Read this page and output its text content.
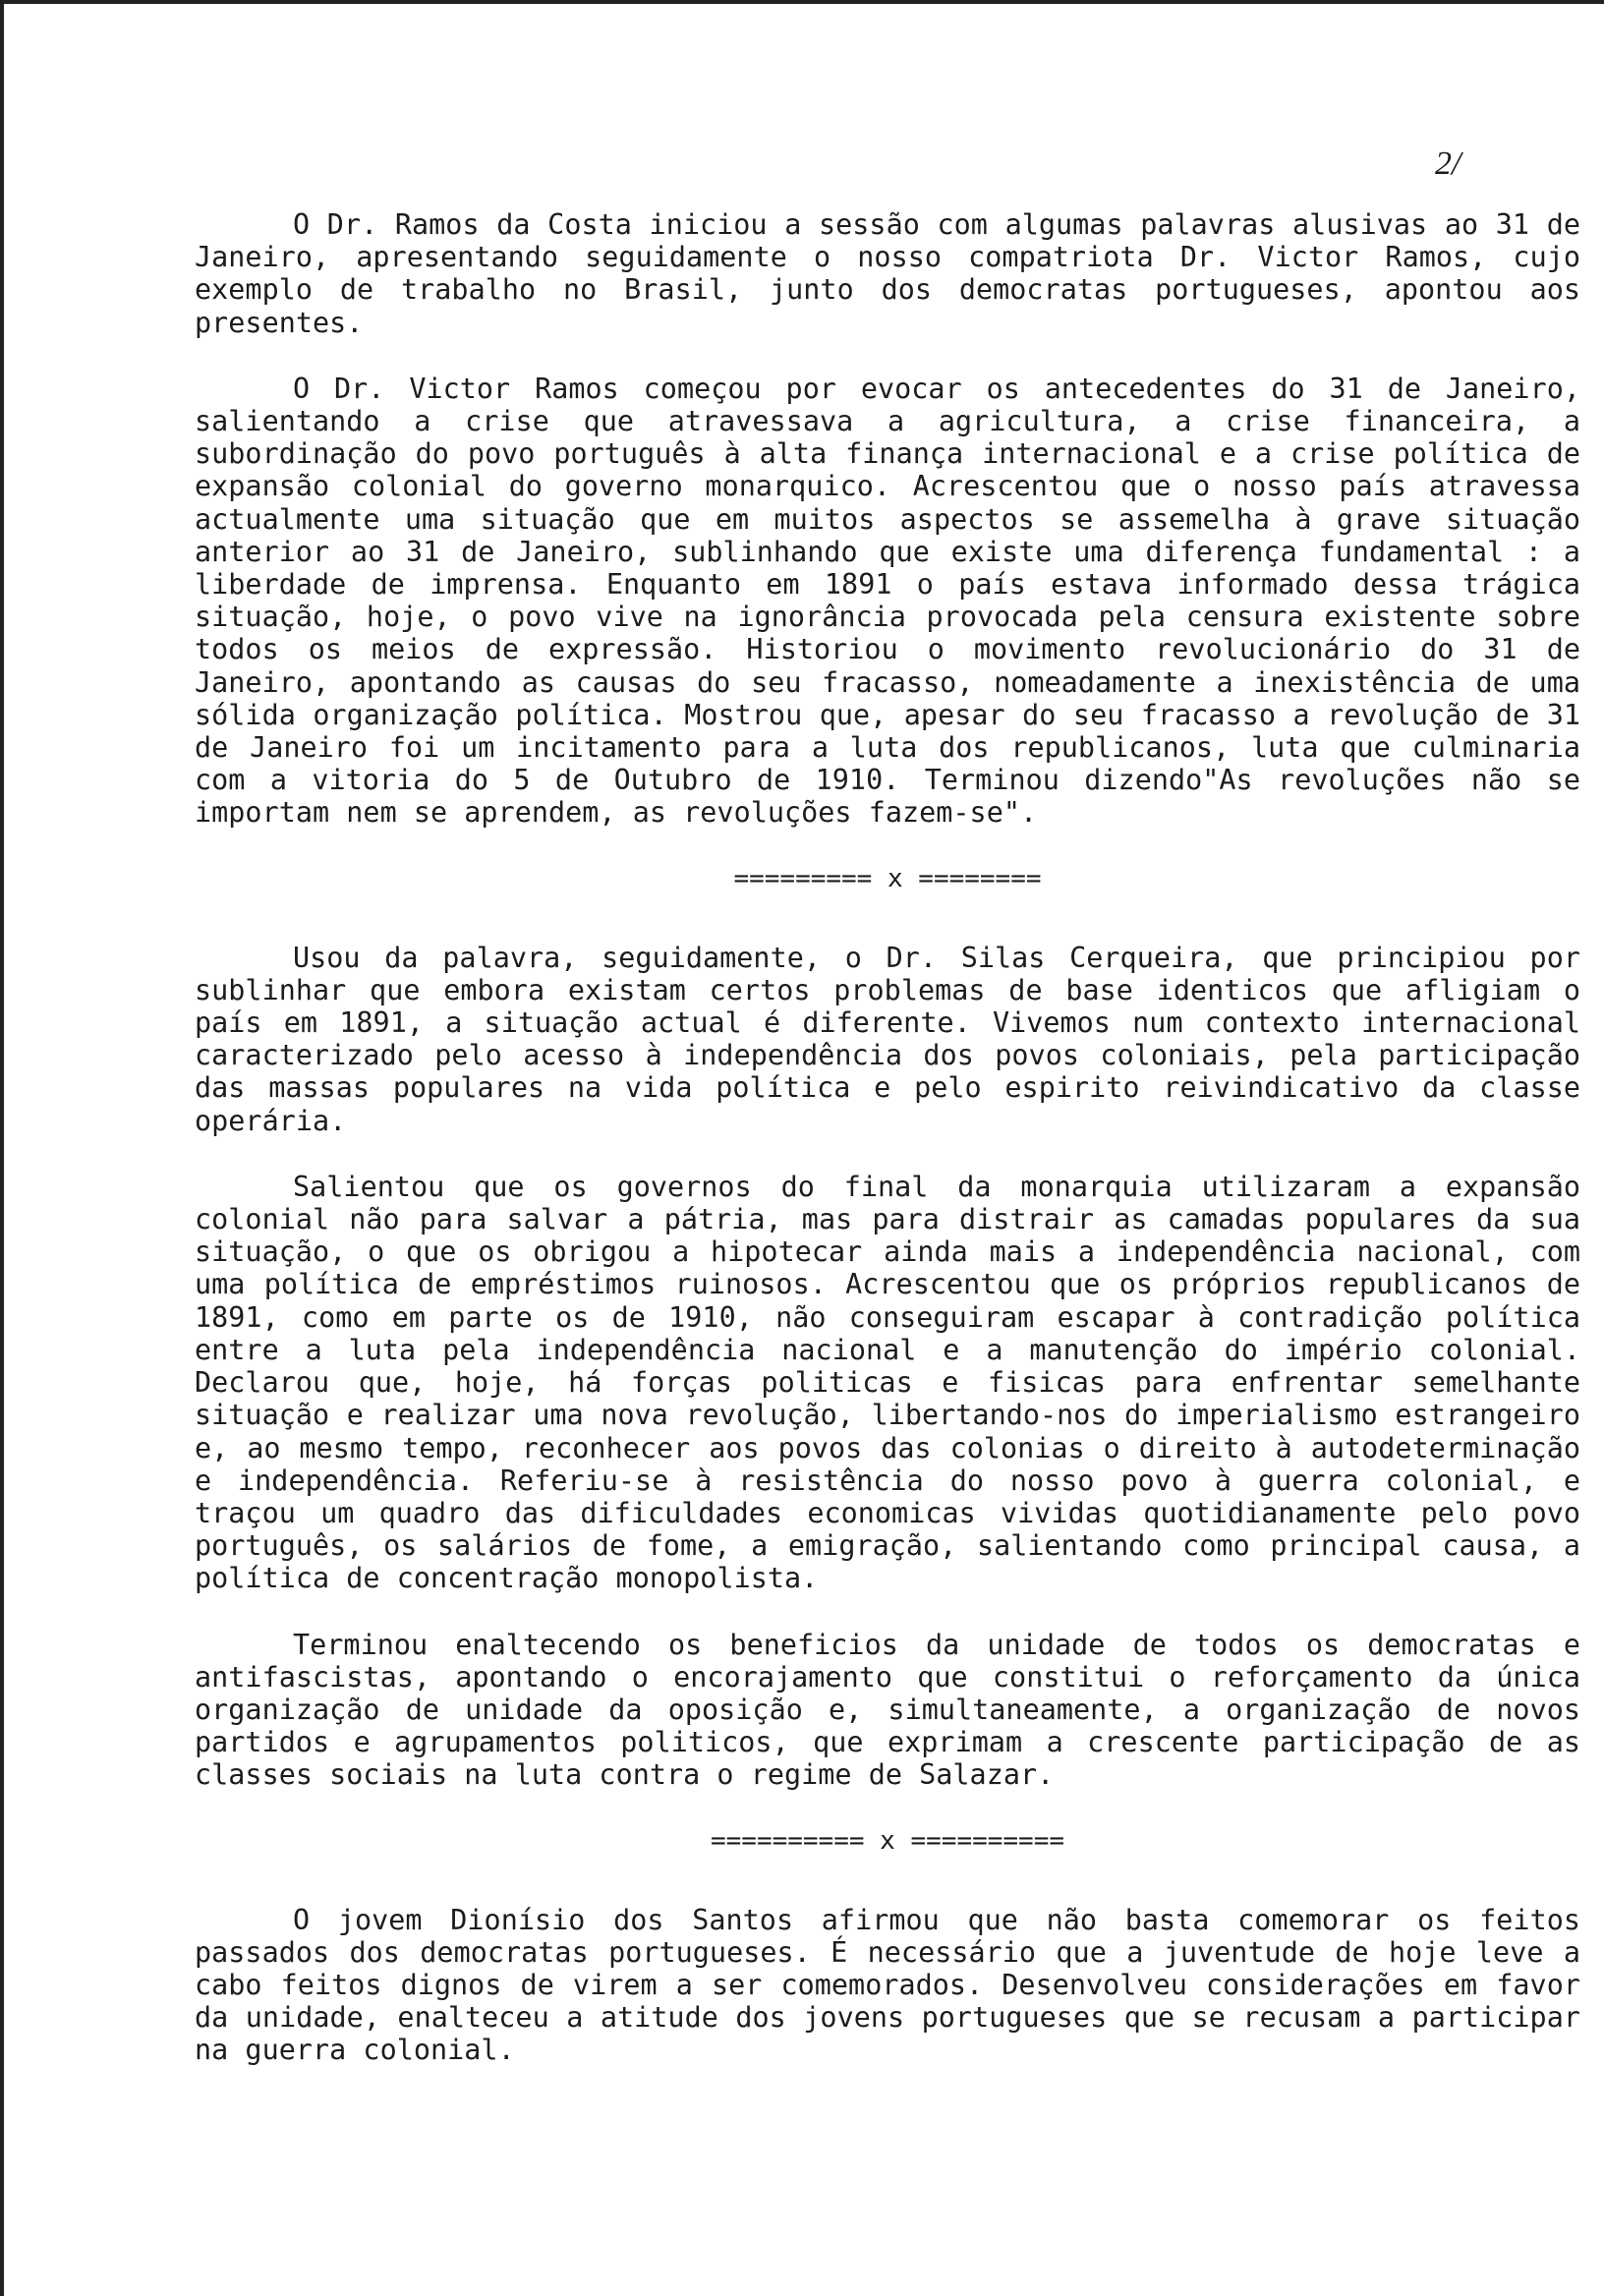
2/

O Dr. Ramos da Costa iniciou a sessão com algumas palavras alusivas ao 31 de Janeiro, apresentando seguidamente o nosso compatriota Dr. Victor Ramos, cujo exemplo de trabalho no Brasil, junto dos democratas portugueses, apontou aos presentes.

O Dr. Victor Ramos começou por evocar os antecedentes do 31 de Janeiro, salientando a crise que atravessava a agricultura, a crise financeira, a subordinação do povo português à alta finança internacional e a crise política de expansão colonial do governo monarquico. Acrescentou que o nosso país atravessa actualmente uma situação que em muitos aspectos se assemelha à grave situação anterior ao 31 de Janeiro, sublinhando que existe uma diferença fundamental : a liberdade de imprensa. Enquanto em 1891 o país estava informado dessa trágica situação, hoje, o povo vive na ignorância provocada pela censura existente sobre todos os meios de expressão. Historiou o movimento revolucionário do 31 de Janeiro, apontando as causas do seu fracasso, nomeadamente a inexistência de uma sólida organização política. Mostrou que, apesar do seu fracasso a revolução de 31 de Janeiro foi um incitamento para a luta dos republicanos, luta que culminaria com a vitoria do 5 de Outubro de 1910. Terminou dizendo"As revoluções não se importam nem se aprendem, as revoluções fazem-se".

========= x ========

Usou da palavra, seguidamente, o Dr. Silas Cerqueira, que principiou por sublinhar que embora existam certos problemas de base identicos que afligiam o país em 1891, a situação actual é diferente. Vivemos num contexto internacional caracterizado pelo acesso à independência dos povos coloniais, pela participação das massas populares na vida política e pelo espirito reivindicativo da classe operária.

Salientou que os governos do final da monarquia utilizaram a expansão colonial não para salvar a pátria, mas para distrair as camadas populares da sua situação, o que os obrigou a hipotecar ainda mais a independência nacional, com uma política de empréstimos ruinosos. Acrescentou que os próprios republicanos de 1891, como em parte os de 1910, não conseguiram escapar à contradição política entre a luta pela independência nacional e a manutenção do império colonial. Declarou que, hoje, há forças politicas e fisicas para enfrentar semelhante situação e realizar uma nova revolução, libertando-nos do imperialismo estrangeiro e, ao mesmo tempo, reconhecer aos povos das colonias o direito à autodeterminação e independência. Referiu-se à resistência do nosso povo à guerra colonial, e traçou um quadro das dificuldades economicas vividas quotidianamente pelo povo português, os salários de fome, a emigração, salientando como principal causa, a política de concentração monopolista.

Terminou enaltecendo os beneficios da unidade de todos os democratas e antifascistas, apontando o encorajamento que constitui o reforçamento da única organização de unidade da oposição e, simultaneamente, a organização de novos partidos e agrupamentos politicos, que exprimam a crescente participação de as classes sociais na luta contra o regime de Salazar.

========== x ==========

O jovem Dionísio dos Santos afirmou que não basta comemorar os feitos passados dos democratas portugueses. É necessário que a juventude de hoje leve a cabo feitos dignos de virem a ser comemorados. Desenvolveu considerações em favor da unidade, enalteceu a atitude dos jovens portugueses que se recusam a participar na guerra colonial.
